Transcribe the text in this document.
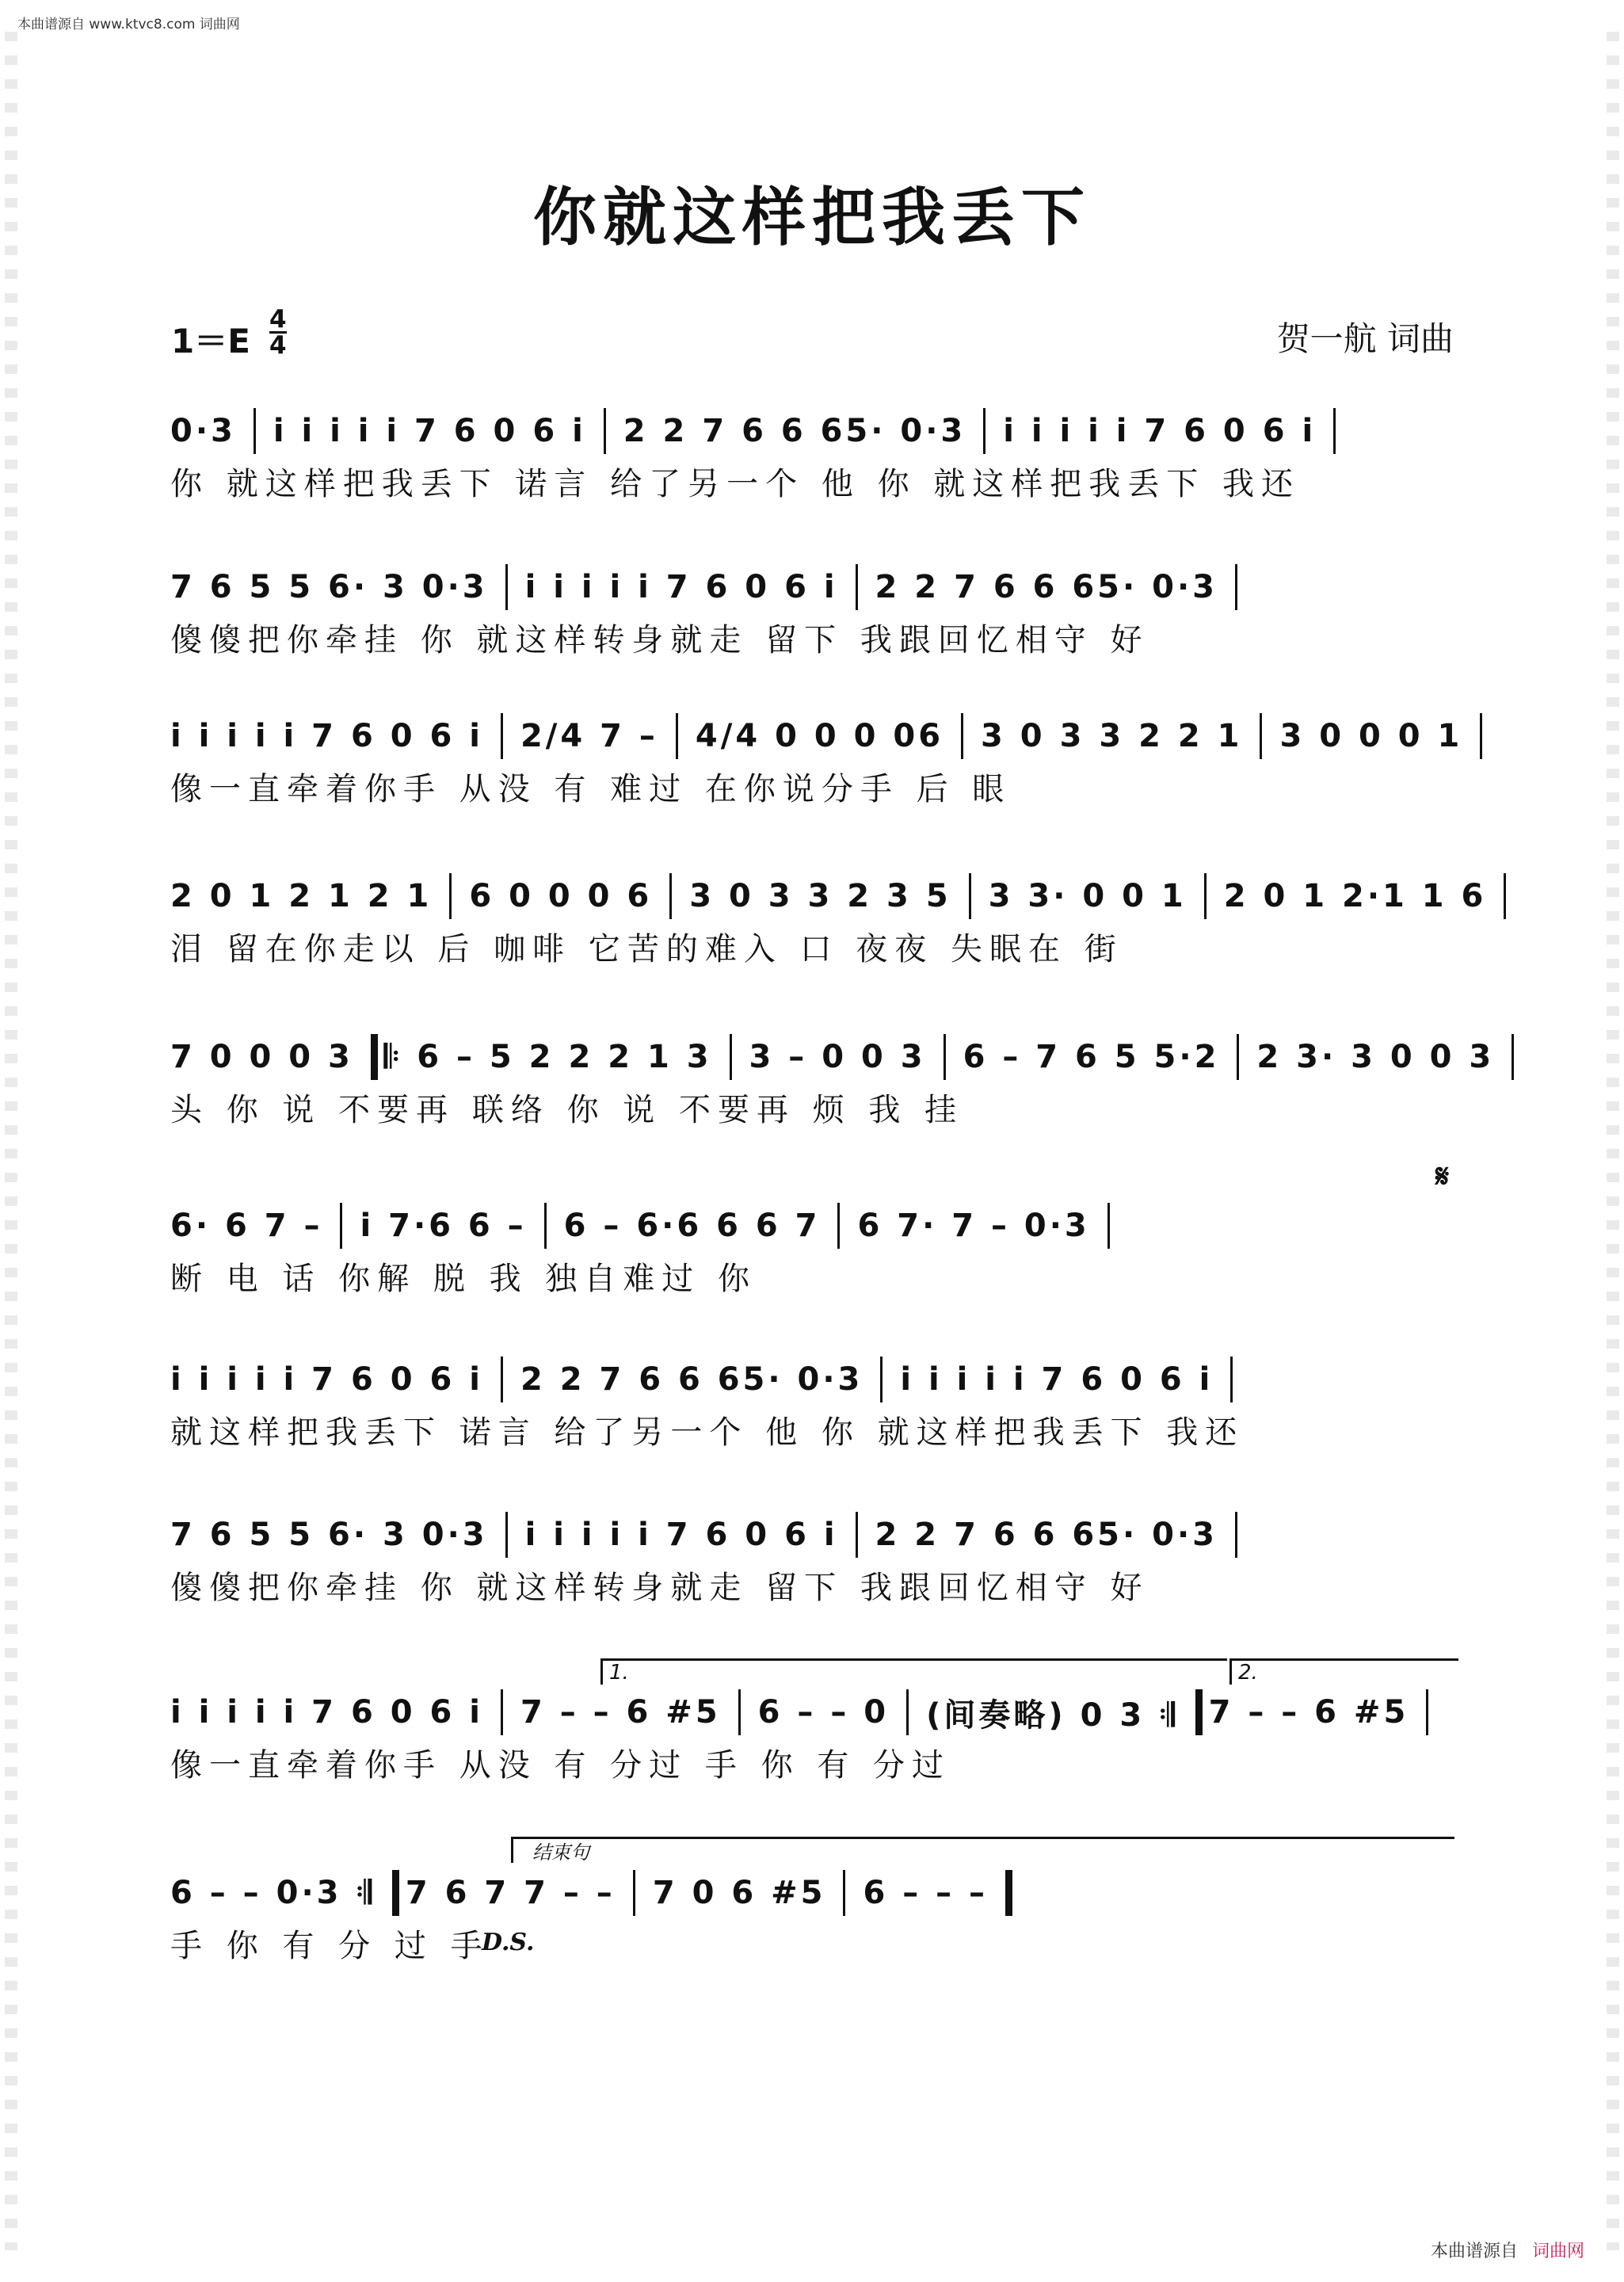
本曲谱源自 www.ktvc8.com 词曲网
你就这样把我丢下
1＝E
4
4	贺一航 词曲
0·3 i i i i i 7 6 0 6 i 2 2 7 6 6 65· 0·3 i i i i i 7 6 0 6 i
你 就这样把我丢下 诺言 给了另一个 他 你 就这样把我丢下 我还
7 6 5 5 6· 3 0·3 i i i i i 7 6 0 6 i 2 2 7 6 6 65· 0·3
傻傻把你牵挂 你 就这样转身就走 留下 我跟回忆相守 好
i i i i i 7 6 0 6 i 2/4 7 – 4/4 0 0 0 06 3 0 3 3 2 2 1 3 0 0 0 1
像一直牵着你手 从没 有 难过 在你说分手 后 眼
2 0 1 2 1 2 1 6 0 0 0 6 3 0 3 3 2 3 5 3 3· 0 0 1 2 0 1 2·1 1 6
泪 留在你走以 后 咖啡 它苦的难入 口 夜夜 失眠在 街
7 0 0 0 3 𝄆 6 – 5 2 2 2 1 3 3 – 0 0 3 6 – 7 6 5 5·2 2 3· 3 0 0 3
头 你 说 不要再 联络 你 说 不要再 烦 我 挂
𝄋
6· 6 7 – i 7·6 6 – 6 – 6·6 6 6 7 6 7· 7 – 0·3
断 电 话 你解 脱 我 独自难过 你
i i i i i 7 6 0 6 i 2 2 7 6 6 65· 0·3 i i i i i 7 6 0 6 i
就这样把我丢下 诺言 给了另一个 他 你 就这样把我丢下 我还
7 6 5 5 6· 3 0·3 i i i i i 7 6 0 6 i 2 2 7 6 6 65· 0·3
傻傻把你牵挂 你 就这样转身就走 留下 我跟回忆相守 好
1.	2.
i i i i i 7 6 0 6 i 7 – – 6 #5 6 – – 0 (间奏略) 0 3 𝄇 7 – – 6 #5
像一直牵着你手 从没 有 分过 手 你 有 分过
结束句
6 – – 0·3 𝄇 7 6 7 7 – – 7 0 6 #5 6 – – –
手 你 有 分 过 手
D.S.
本曲谱源自 词曲网
